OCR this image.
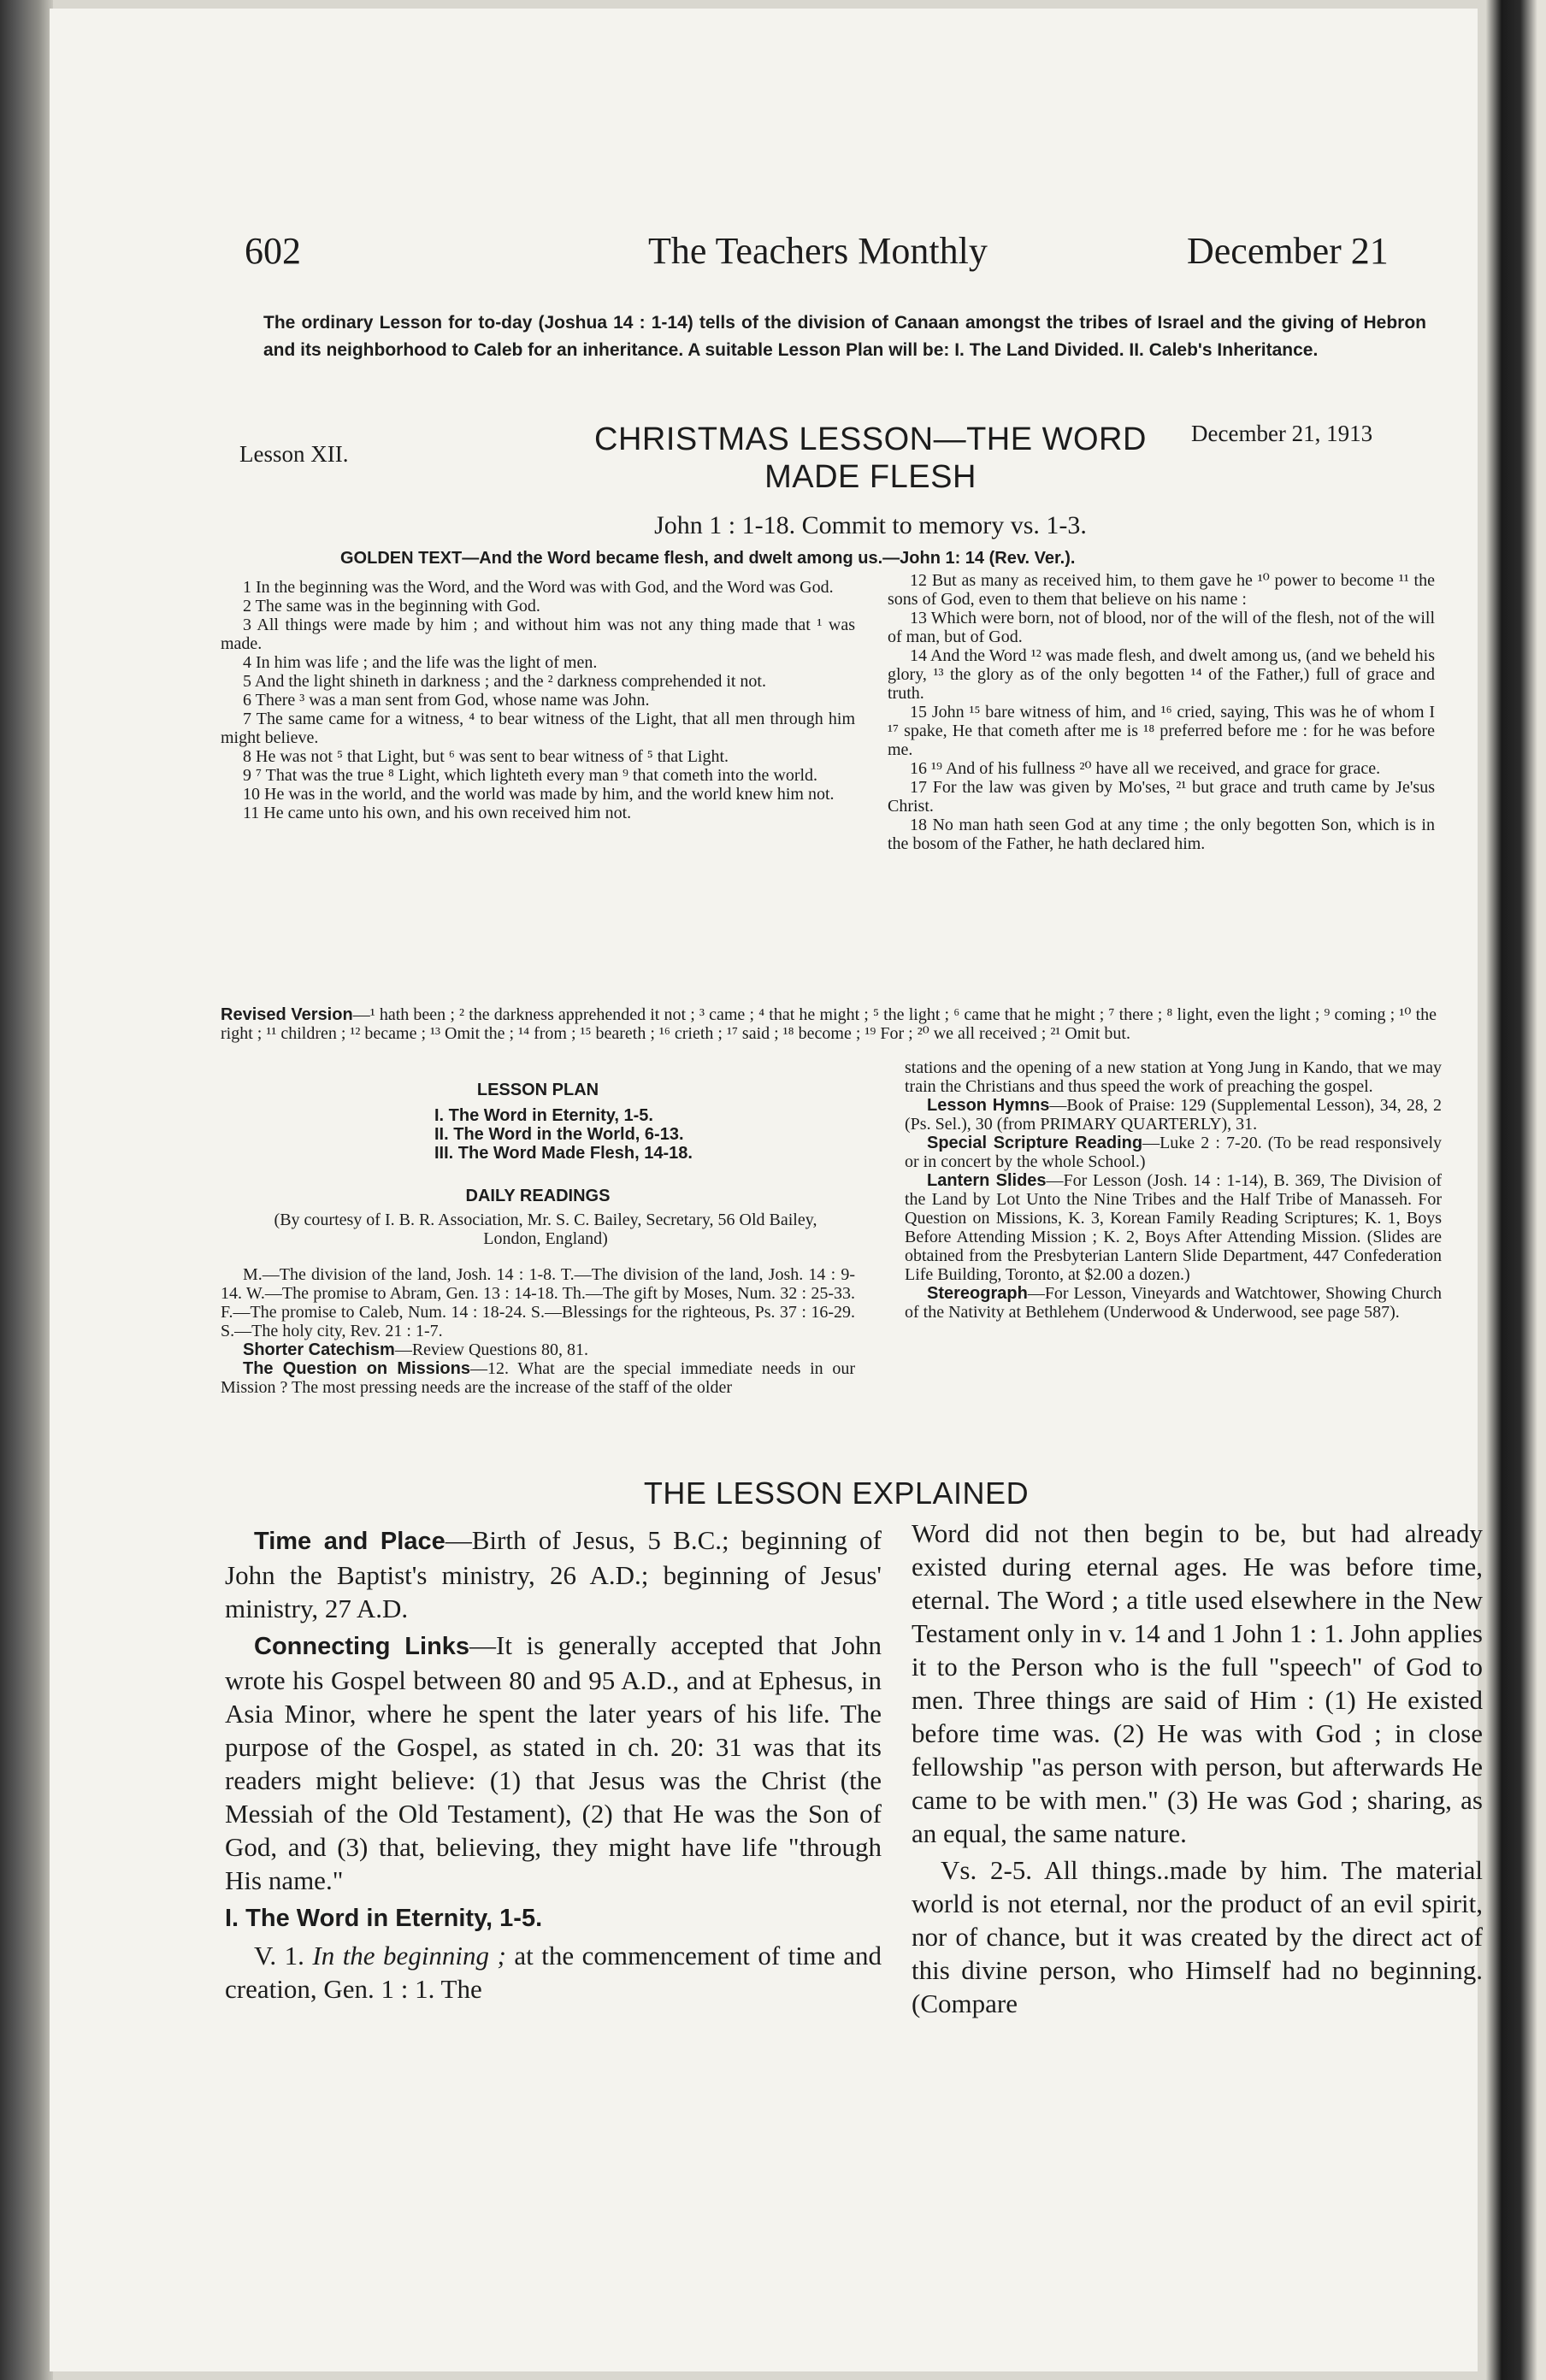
602	The Teachers Monthly	December 21
The ordinary Lesson for to-day (Joshua 14 : 1-14) tells of the division of Canaan amongst the tribes of Israel and the giving of Hebron and its neighborhood to Caleb for an inheritance. A suitable Lesson Plan will be: I. The Land Divided. II. Caleb's Inheritance.
Lesson XII.	CHRISTMAS LESSON—THE WORD
MADE FLESH
December 21, 1913
John 1 : 1-18. Commit to memory vs. 1-3.
GOLDEN TEXT—And the Word became flesh, and dwelt among us.—John 1: 14 (Rev. Ver.).

1 In the beginning was the Word, and the Word was with God, and the Word was God.

2 The same was in the beginning with God.

3 All things were made by him ; and without him was not any thing made that ¹ was made.

4 In him was life ; and the life was the light of men.

5 And the light shineth in darkness ; and the ² darkness comprehended it not.

6 There ³ was a man sent from God, whose name was John.

7 The same came for a witness, ⁴ to bear witness of the Light, that all men through him might believe.

8 He was not ⁵ that Light, but ⁶ was sent to bear witness of ⁵ that Light.

9 ⁷ That was the true ⁸ Light, which lighteth every man ⁹ that cometh into the world.

10 He was in the world, and the world was made by him, and the world knew him not.

11 He came unto his own, and his own received him not.

12 But as many as received him, to them gave he ¹⁰ power to become ¹¹ the sons of God, even to them that believe on his name :

13 Which were born, not of blood, nor of the will of the flesh, not of the will of man, but of God.

14 And the Word ¹² was made flesh, and dwelt among us, (and we beheld his glory, ¹³ the glory as of the only begotten ¹⁴ of the Father,) full of grace and truth.

15 John ¹⁵ bare witness of him, and ¹⁶ cried, saying, This was he of whom I ¹⁷ spake, He that cometh after me is ¹⁸ preferred before me : for he was before me.

16 ¹⁹ And of his fullness ²⁰ have all we received, and grace for grace.

17 For the law was given by Mo'ses, ²¹ but grace and truth came by Je'sus Christ.

18 No man hath seen God at any time ; the only begotten Son, which is in the bosom of the Father, he hath declared him.

Revised Version—¹ hath been ; ² the darkness apprehended it not ; ³ came ; ⁴ that he might ; ⁵ the light ; ⁶ came that he might ; ⁷ there ; ⁸ light, even the light ; ⁹ coming ; ¹⁰ the right ; ¹¹ children ; ¹² became ; ¹³ Omit the ; ¹⁴ from ; ¹⁵ beareth ; ¹⁶ crieth ; ¹⁷ said ; ¹⁸ become ; ¹⁹ For ; ²⁰ we all received ; ²¹ Omit but.
LESSON PLAN
I. The Word in Eternity, 1-5.
II. The Word in the World, 6-13.
III. The Word Made Flesh, 14-18.
DAILY READINGS
(By courtesy of I. B. R. Association, Mr. S. C. Bailey, Secretary, 56 Old Bailey, London, England)

M.—The division of the land, Josh. 14 : 1-8. T.—The division of the land, Josh. 14 : 9-14. W.—The promise to Abram, Gen. 13 : 14-18. Th.—The gift by Moses, Num. 32 : 25-33. F.—The promise to Caleb, Num. 14 : 18-24. S.—Blessings for the righteous, Ps. 37 : 16-29. S.—The holy city, Rev. 21 : 1-7.

Shorter Catechism—Review Questions 80, 81.

The Question on Missions—12. What are the special immediate needs in our Mission ? The most pressing needs are the increase of the staff of the older

stations and the opening of a new station at Yong Jung in Kando, that we may train the Christians and thus speed the work of preaching the gospel.

Lesson Hymns—Book of Praise: 129 (Supplemental Lesson), 34, 28, 2 (Ps. Sel.), 30 (from PRIMARY QUARTERLY), 31.

Special Scripture Reading—Luke 2 : 7-20. (To be read responsively or in concert by the whole School.)

Lantern Slides—For Lesson (Josh. 14 : 1-14), B. 369, The Division of the Land by Lot Unto the Nine Tribes and the Half Tribe of Manasseh. For Question on Missions, K. 3, Korean Family Reading Scriptures; K. 1, Boys Before Attending Mission ; K. 2, Boys After Attending Mission. (Slides are obtained from the Presbyterian Lantern Slide Department, 447 Confederation Life Building, Toronto, at $2.00 a dozen.)

Stereograph—For Lesson, Vineyards and Watchtower, Showing Church of the Nativity at Bethlehem (Underwood & Underwood, see page 587).

THE LESSON EXPLAINED

Time and Place—Birth of Jesus, 5 B.C.; beginning of John the Baptist's ministry, 26 A.D.; beginning of Jesus' ministry, 27 A.D.

Connecting Links—It is generally accepted that John wrote his Gospel between 80 and 95 A.D., and at Ephesus, in Asia Minor, where he spent the later years of his life. The purpose of the Gospel, as stated in ch. 20: 31 was that its readers might believe: (1) that Jesus was the Christ (the Messiah of the Old Testament), (2) that He was the Son of God, and (3) that, believing, they might have life "through His name."

I. The Word in Eternity, 1-5.

V. 1. In the beginning ; at the commencement of time and creation, Gen. 1 : 1. The

Word did not then begin to be, but had already existed during eternal ages. He was before time, eternal. The Word ; a title used elsewhere in the New Testament only in v. 14 and 1 John 1 : 1. John applies it to the Person who is the full "speech" of God to men. Three things are said of Him : (1) He existed before time was. (2) He was with God ; in close fellowship "as person with person, but afterwards He came to be with men." (3) He was God ; sharing, as an equal, the same nature.

Vs. 2-5. All things..made by him. The material world is not eternal, nor the product of an evil spirit, nor of chance, but it was created by the direct act of this divine person, who Himself had no beginning. (Compare
